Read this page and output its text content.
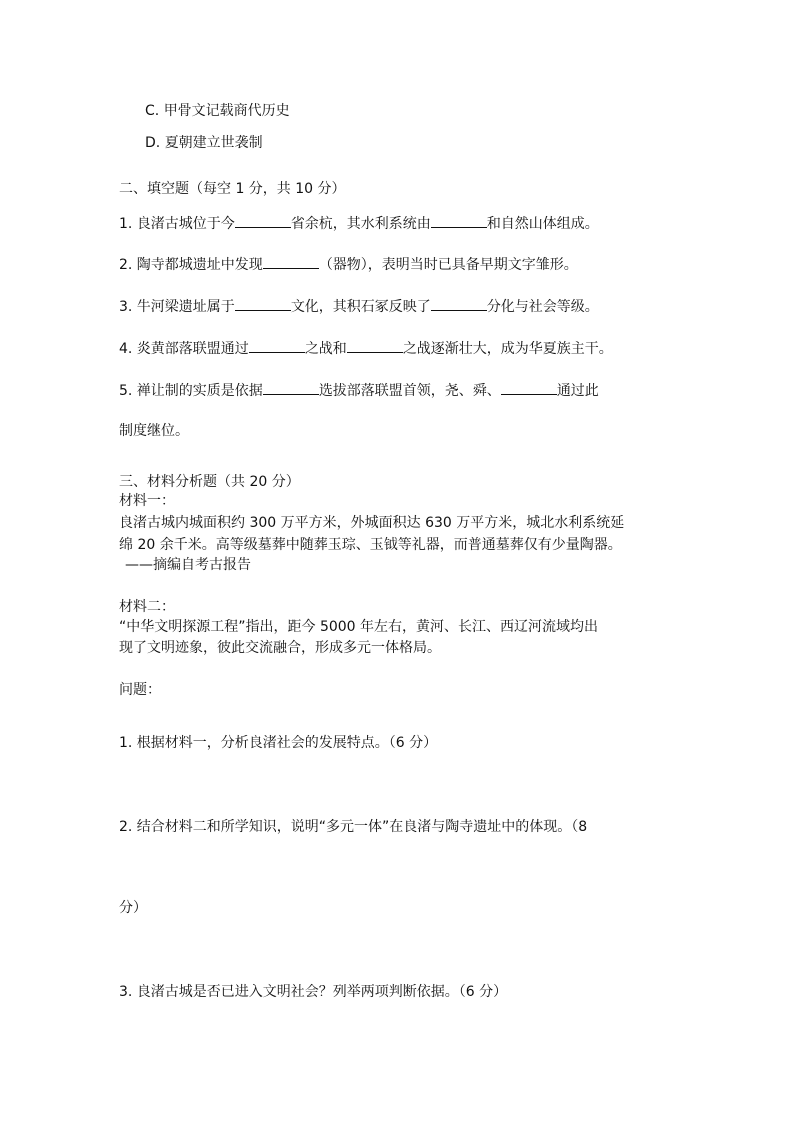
C. 甲骨文记载商代历史
D. 夏朝建立世袭制
二、填空题（每空 1 分，共 10 分）
1. 良渚古城位于今	省余杭，其水利系统由	和自然山体组成。
2. 陶寺都城遗址中发现	（器物），表明当时已具备早期文字雏形。
3. 牛河梁遗址属于	文化，其积石冢反映了	分化与社会等级。
4. 炎黄部落联盟通过	之战和	之战逐渐壮大，成为华夏族主干。
5. 禅让制的实质是依据	选拔部落联盟首领，尧、舜、	通过此
制度继位。
三、材料分析题（共 20 分）
材料一：
良渚古城内城面积约 300 万平方米，外城面积达 630 万平方米，城北水利系统延
绵 20 余千米。高等级墓葬中随葬玉琮、玉钺等礼器，而普通墓葬仅有少量陶器。
——摘编自考古报告
材料二：
“中华文明探源工程”指出，距今 5000 年左右，黄河、长江、西辽河流域均出
现了文明迹象，彼此交流融合，形成多元一体格局。
问题：
1. 根据材料一，分析良渚社会的发展特点。（6 分）
2. 结合材料二和所学知识，说明“多元一体”在良渚与陶寺遗址中的体现。（8
分）
3. 良渚古城是否已进入文明社会？列举两项判断依据。（6 分）
